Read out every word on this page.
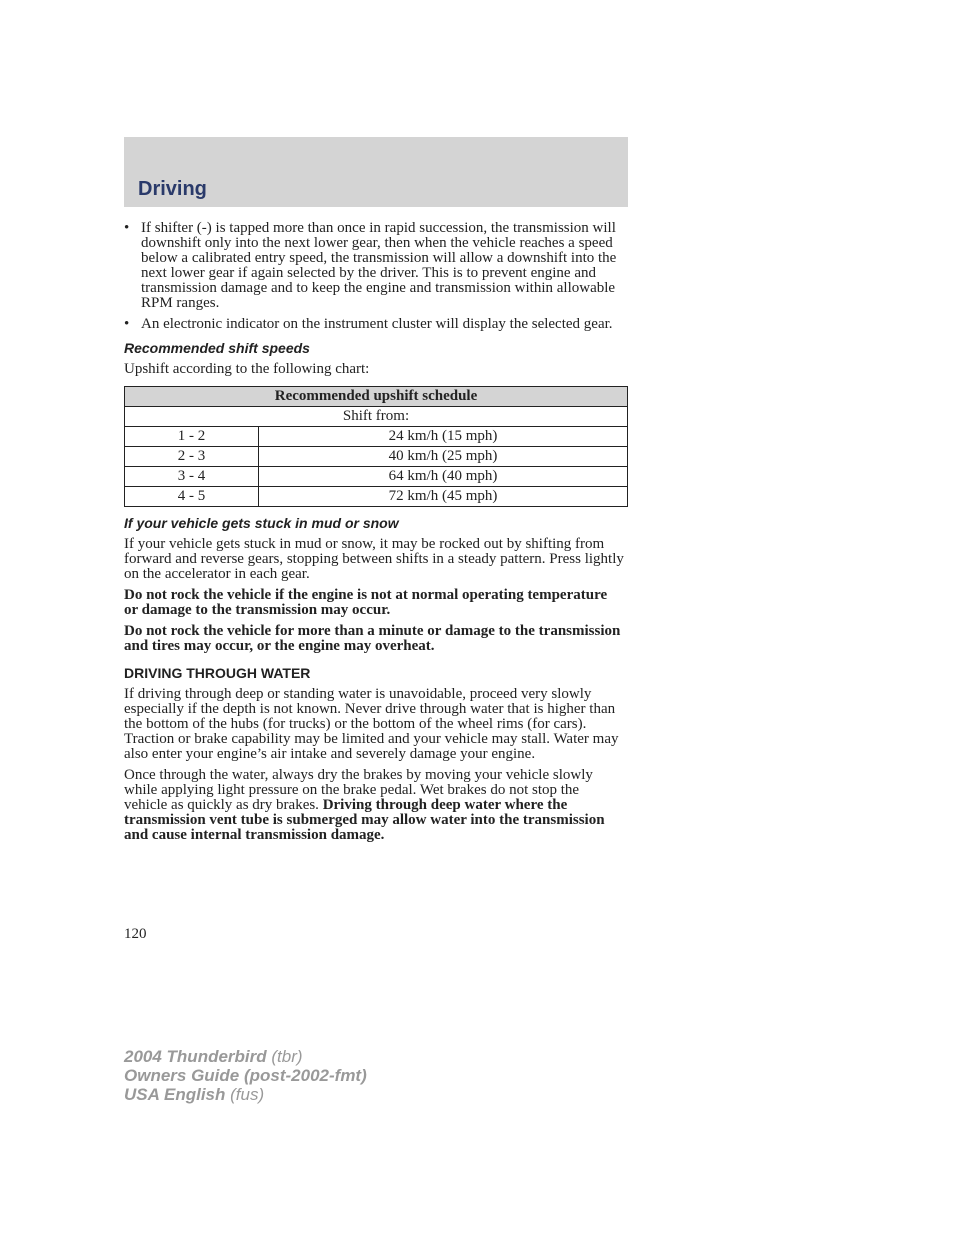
Driving
• If shifter (-) is tapped more than once in rapid succession, the transmission will downshift only into the next lower gear, then when the vehicle reaches a speed below a calibrated entry speed, the transmission will allow a downshift into the next lower gear if again selected by the driver. This is to prevent engine and transmission damage and to keep the engine and transmission within allowable RPM ranges.
• An electronic indicator on the instrument cluster will display the selected gear.
Recommended shift speeds

Upshift according to the following chart:

Recommended upshift schedule	
Shift from:	
1 - 2	24 km/h (15 mph)
2 - 3	40 km/h (25 mph)
3 - 4	64 km/h (40 mph)
4 - 5	72 km/h (45 mph)
If your vehicle gets stuck in mud or snow

If your vehicle gets stuck in mud or snow, it may be rocked out by shifting from forward and reverse gears, stopping between shifts in a steady pattern. Press lightly on the accelerator in each gear.

Do not rock the vehicle if the engine is not at normal operating temperature or damage to the transmission may occur.

Do not rock the vehicle for more than a minute or damage to the transmission and tires may occur, or the engine may overheat.

DRIVING THROUGH WATER

If driving through deep or standing water is unavoidable, proceed very slowly especially if the depth is not known. Never drive through water that is higher than the bottom of the hubs (for trucks) or the bottom of the wheel rims (for cars). Traction or brake capability may be limited and your vehicle may stall. Water may also enter your engine’s air intake and severely damage your engine.

Once through the water, always dry the brakes by moving your vehicle slowly while applying light pressure on the brake pedal. Wet brakes do not stop the vehicle as quickly as dry brakes. Driving through deep water where the transmission vent tube is submerged may allow water into the transmission and cause internal transmission damage.

120
2004 Thunderbird (tbr)
Owners Guide (post-2002-fmt)
USA English (fus)
